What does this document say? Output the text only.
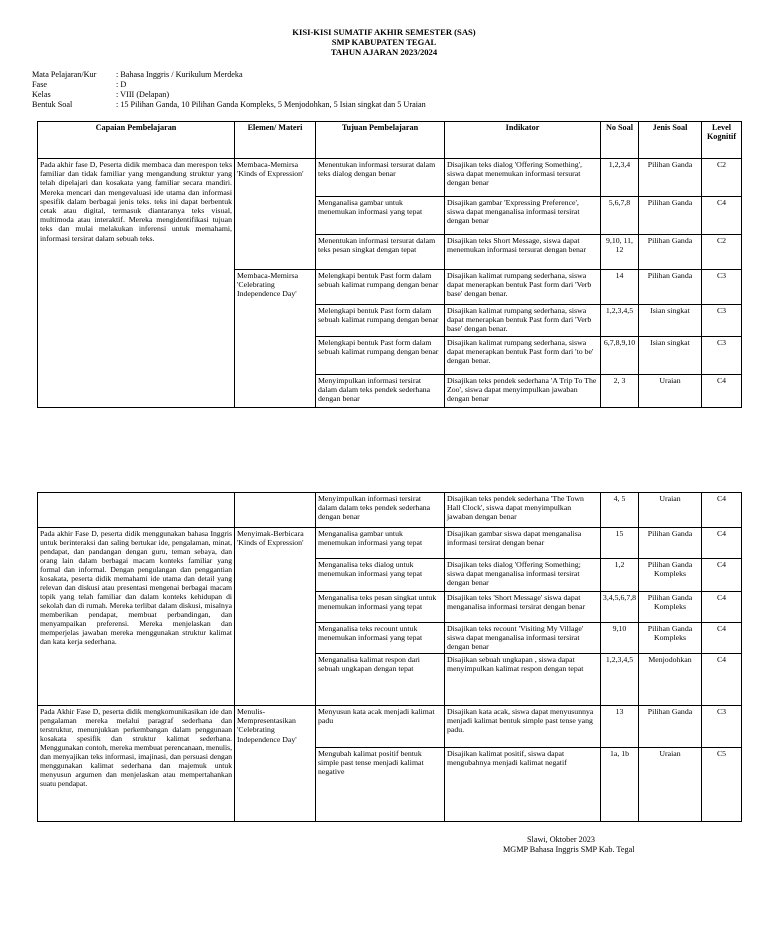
KISI-KISI SUMATIF AKHIR SEMESTER (SAS)
SMP KABUPATEN TEGAL
TAHUN AJARAN 2023/2024
Mata Pelajaran/Kur : Bahasa Inggris / Kurikulum Merdeka
Fase	: D
Kelas	: VIII (Delapan)
Bentuk Soal	: 15 Pilihan Ganda, 10 Pilihan Ganda Kompleks, 5 Menjodohkan, 5 Isian singkat dan 5 Uraian
Capaian Pembelajaran	Elemen/ Materi	Tujuan Pembelajaran	Indikator	No Soal	Jenis Soal	Level Kognitif
Pada akhir fase D, Peserta didik membaca dan merespon teks familiar dan tidak familiar yang mengandung struktur yang telah dipelajari dan kosakata yang familiar secara mandiri. Mereka mencari dan mengevaluasi ide utama dan informasi spesifik dalam berbagai jenis teks. teks ini dapat berbentuk cetak atau digital, termasuk diantaranya teks visual, multimoda atau interaktif. Mereka mengidentifikasi tujuan teks dan mulai melakukan inferensi untuk memahami, informasi tersirat dalam sebuah teks.	Membaca-Memirsa 'Kinds of Expression'	Menentukan informasi tersurat dalam teks dialog dengan benar	Disajikan teks dialog 'Offering Something', siswa dapat menemukan informasi tersurat dengan benar	1,2,3,4	Pilihan Ganda	C2
		Menganalisa gambar untuk menemukan informasi yang tepat	Disajikan gambar 'Expressing Preference', siswa dapat menganalisa informasi tersirat dengan benar	5,6,7,8	Pilihan Ganda	C4
		Menentukan informasi tersurat dalam teks pesan singkat dengan tepat	Disajikan teks Short Message, siswa dapat menemukan informasi tersurat dengan benar	9,10, 11, 12	Pilihan Ganda	C2
	Membaca-Memirsa 'Celebrating Independence Day'	Melengkapi bentuk Past form dalam sebuah kalimat rumpang dengan benar	Disajikan kalimat rumpang sederhana, siswa dapat menerapkan bentuk Past form dari 'Verb base' dengan benar.	14	Pilihan Ganda	C3
		Melengkapi bentuk Past form dalam sebuah kalimat rumpang dengan benar	Disajikan kalimat rumpang sederhana, siswa dapat menerapkan bentuk Past form dari 'Verb base' dengan benar.	1,2,3,4,5	Isian singkat	C3
		Melengkapi bentuk Past form dalam sebuah kalimat rumpang dengan benar	Disajikan kalimat rumpang sederhana, siswa dapat menerapkan bentuk Past form dari 'to be' dengan benar.	6,7,8,9,10	Isian singkat	C3
		Menyimpulkan informasi tersirat dalam dalam teks pendek sederhana dengan benar	Disajikan teks pendek sederhana 'A Trip To The Zoo', siswa dapat menyimpulkan jawaban dengan benar	2, 3	Uraian	C4
		Menyimpulkan informasi tersirat dalam dalam teks pendek sederhana dengan benar	Disajikan teks pendek sederhana 'The Town Hall Clock', siswa dapat menyimpulkan jawaban dengan benar	4, 5	Uraian	C4
Pada akhir Fase D, peserta didik menggunakan bahasa Inggris untuk berinteraksi dan saling bertukar ide, pengalaman, minat, pendapat, dan pandangan dengan guru, teman sebaya, dan orang lain dalam berbagai macam konteks familiar yang formal dan informal. Dengan pengulangan dan penggantian kosakata, peserta didik memahami ide utama dan detail yang relevan dan diskusi atau presentasi mengenai berbagai macam topik yang telah familiar dan dalam konteks kehidupan di sekolah dan di rumah. Mereka terlibat dalam diskusi, misalnya memberikan pendapat, membuat perbandingan, dan menyampaikan preferensi. Mereka menjelaskan dan memperjelas jawaban mereka menggunakan struktur kalimat dan kata kerja sederhana.	Menyimak-Berbicara 'Kinds of Expression'	Menganalisa gambar untuk menemukan informasi yang tepat	Disajikan gambar siswa dapat menganalisa informasi tersirat dengan benar	15	Pilihan Ganda	C4
		Menganalisa teks dialog untuk menemukan informasi yang tepat	Disajikan teks dialog 'Offering Something; siswa dapat menganalisa informasi tersirat dengan benar	1,2	Pilihan Ganda Kompleks	C4
		Menganalisa teks pesan singkat untuk menemukan informasi yang tepat	Disajikan teks 'Short Message' siswa dapat menganalisa informasi tersirat dengan benar	3,4,5,6,7,8	Pilihan Ganda Kompleks	C4
		Menganalisa teks recount untuk menemukan informasi yang tepat	Disajikan teks recount 'Visiting My Village' siswa dapat menganalisa informasi tersirat dengan benar	9,10	Pilihan Ganda Kompleks	C4
		Menganalisa kalimat respon dari sebuah ungkapan dengan tepat	Disajikan sebuah ungkapan , siswa dapat menyimpulkan kalimat respon dengan tepat	1,2,3,4,5	Menjodohkan	C4
Pada Akhir Fase D, peserta didik mengkomunikasikan ide dan pengalaman mereka melalui paragraf sederhana dan terstruktur, menunjukkan perkembangan dalam penggunaan kosakata spesifik dan struktur kalimat sederhana. Menggunakan contoh, mereka membuat perencanaan, menulis, dan menyajikan teks informasi, imajinasi, dan persuasi dengan menggunakan kalimat sederhana dan majemuk untuk menyusun argumen dan menjelaskan atau mempertahankan suatu pendapat.	Menulis-Mempresentasikan 'Celebrating Independence Day'	Menyusun kata acak menjadi kalimat padu	Disajikan kata acak, siswa dapat menyusunnya menjadi kalimat bentuk simple past tense yang padu.	13	Pilihan Ganda	C3
		Mengubah kalimat positif bentuk simple past tense menjadi kalimat negative	Disajikan kalimat positif, siswa dapat mengubahnya menjadi kalimat negatif	1a, 1b	Uraian	C5
Slawi, Oktober 2023
MGMP Bahasa Inggris SMP Kab. Tegal
